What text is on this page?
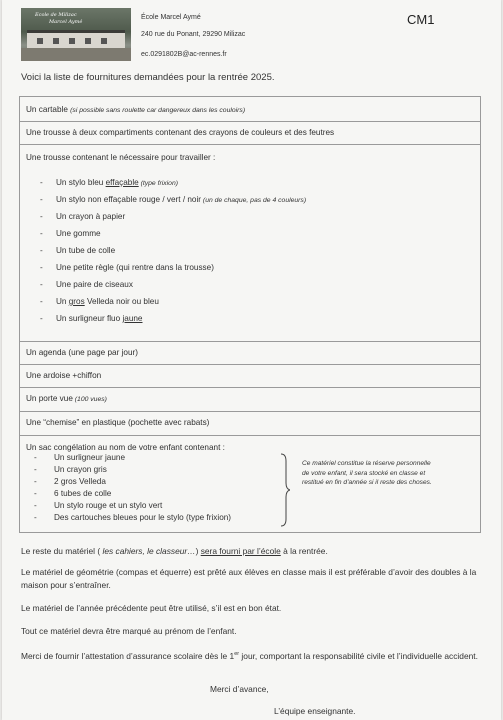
Ecole de Milizac
Marcel Aymé
École Marcel Aymé
240 rue du Ponant, 29290 Milizac
ec.0291802B@ac-rennes.fr
CM1
Voici la liste de fournitures demandées pour la rentrée 2025.
Un cartable (si possible sans roulette car dangereux dans les couloirs)
Une trousse à deux compartiments contenant des crayons de couleurs et des feutres
Une trousse contenant le nécessaire pour travailler :
- Un stylo bleu effaçable (type frixion)
- Un stylo non effaçable rouge / vert / noir (un de chaque, pas de 4 couleurs)
- Un crayon à papier
- Une gomme
- Un tube de colle
- Une petite règle (qui rentre dans la trousse)
- Une paire de ciseaux
- Un gros Velleda noir ou bleu
- Un surligneur fluo jaune
Un agenda (une page par jour)
Une ardoise +chiffon
Un porte vue (100 vues)
Une “chemise” en plastique (pochette avec rabats)
Un sac congélation au nom de votre enfant contenant :
- Un surligneur jaune
- Un crayon gris
- 2 gros Velleda
- 6 tubes de colle
- Un stylo rouge et un stylo vert
- Des cartouches bleues pour le stylo (type frixion)
Ce matériel constitue la réserve personnelle de votre enfant, il sera stocké en classe et restitué en fin d’année si il reste des choses.
Le reste du matériel ( les cahiers, le classeur…) sera fourni par l’école à la rentrée.
Le matériel de géométrie (compas et équerre) est prêté aux élèves en classe mais il est préférable d’avoir des doubles à la maison pour s’entraîner.
Le matériel de l’année précédente peut être utilisé, s’il est en bon état.
Tout ce matériel devra être marqué au prénom de l’enfant.
Merci de fournir l’attestation d’assurance scolaire dès le 1er jour, comportant la responsabilité civile et l’individuelle accident.
Merci d’avance,
L’équipe enseignante.
